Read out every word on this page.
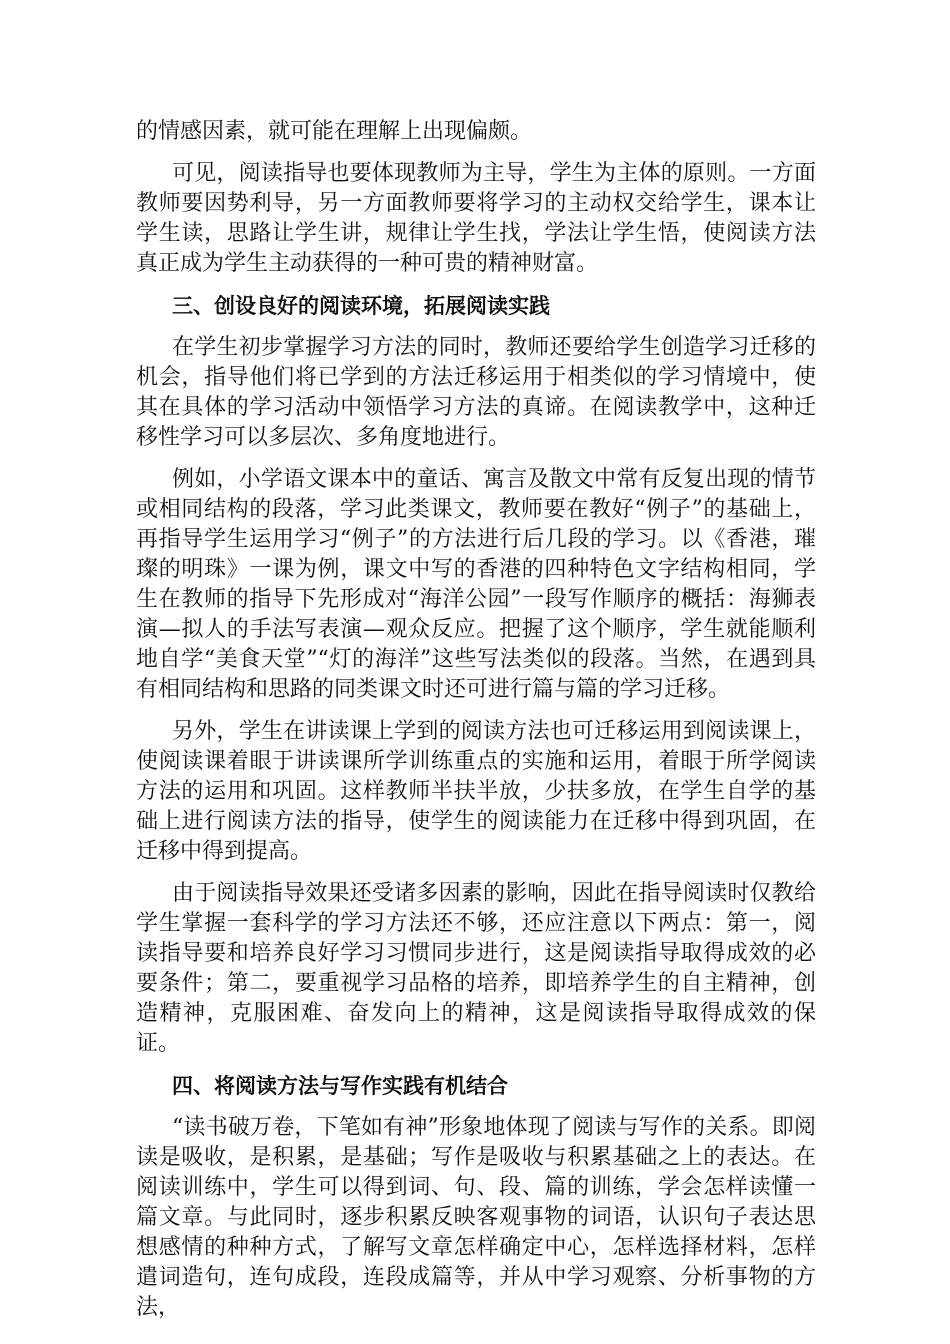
的情感因素，就可能在理解上出现偏颇。

可见，阅读指导也要体现教师为主导，学生为主体的原则。一方面教师要因势利导，另一方面教师要将学习的主动权交给学生，课本让学生读，思路让学生讲，规律让学生找，学法让学生悟，使阅读方法真正成为学生主动获得的一种可贵的精神财富。

三、创设良好的阅读环境，拓展阅读实践

在学生初步掌握学习方法的同时，教师还要给学生创造学习迁移的机会，指导他们将已学到的方法迁移运用于相类似的学习情境中，使其在具体的学习活动中领悟学习方法的真谛。在阅读教学中，这种迁移性学习可以多层次、多角度地进行。

例如，小学语文课本中的童话、寓言及散文中常有反复出现的情节或相同结构的段落，学习此类课文，教师要在教好“例子”的基础上，再指导学生运用学习“例子”的方法进行后几段的学习。以《香港，璀璨的明珠》一课为例，课文中写的香港的四种特色文字结构相同，学生在教师的指导下先形成对“海洋公园”一段写作顺序的概括：海狮表演—拟人的手法写表演—观众反应。把握了这个顺序，学生就能顺利地自学“美食天堂”“灯的海洋”这些写法类似的段落。当然，在遇到具有相同结构和思路的同类课文时还可进行篇与篇的学习迁移。

另外，学生在讲读课上学到的阅读方法也可迁移运用到阅读课上，使阅读课着眼于讲读课所学训练重点的实施和运用，着眼于所学阅读方法的运用和巩固。这样教师半扶半放，少扶多放，在学生自学的基础上进行阅读方法的指导，使学生的阅读能力在迁移中得到巩固，在迁移中得到提高。

由于阅读指导效果还受诸多因素的影响，因此在指导阅读时仅教给学生掌握一套科学的学习方法还不够，还应注意以下两点：第一，阅读指导要和培养良好学习习惯同步进行，这是阅读指导取得成效的必要条件；第二，要重视学习品格的培养，即培养学生的自主精神，创造精神，克服困难、奋发向上的精神，这是阅读指导取得成效的保证。

四、将阅读方法与写作实践有机结合

“读书破万卷，下笔如有神”形象地体现了阅读与写作的关系。即阅读是吸收，是积累，是基础；写作是吸收与积累基础之上的表达。在阅读训练中，学生可以得到词、句、段、篇的训练，学会怎样读懂一篇文章。与此同时，逐步积累反映客观事物的词语，认识句子表达思想感情的种种方式，了解写文章怎样确定中心，怎样选择材料，怎样遣词造句，连句成段，连段成篇等，并从中学习观察、分析事物的方法，
